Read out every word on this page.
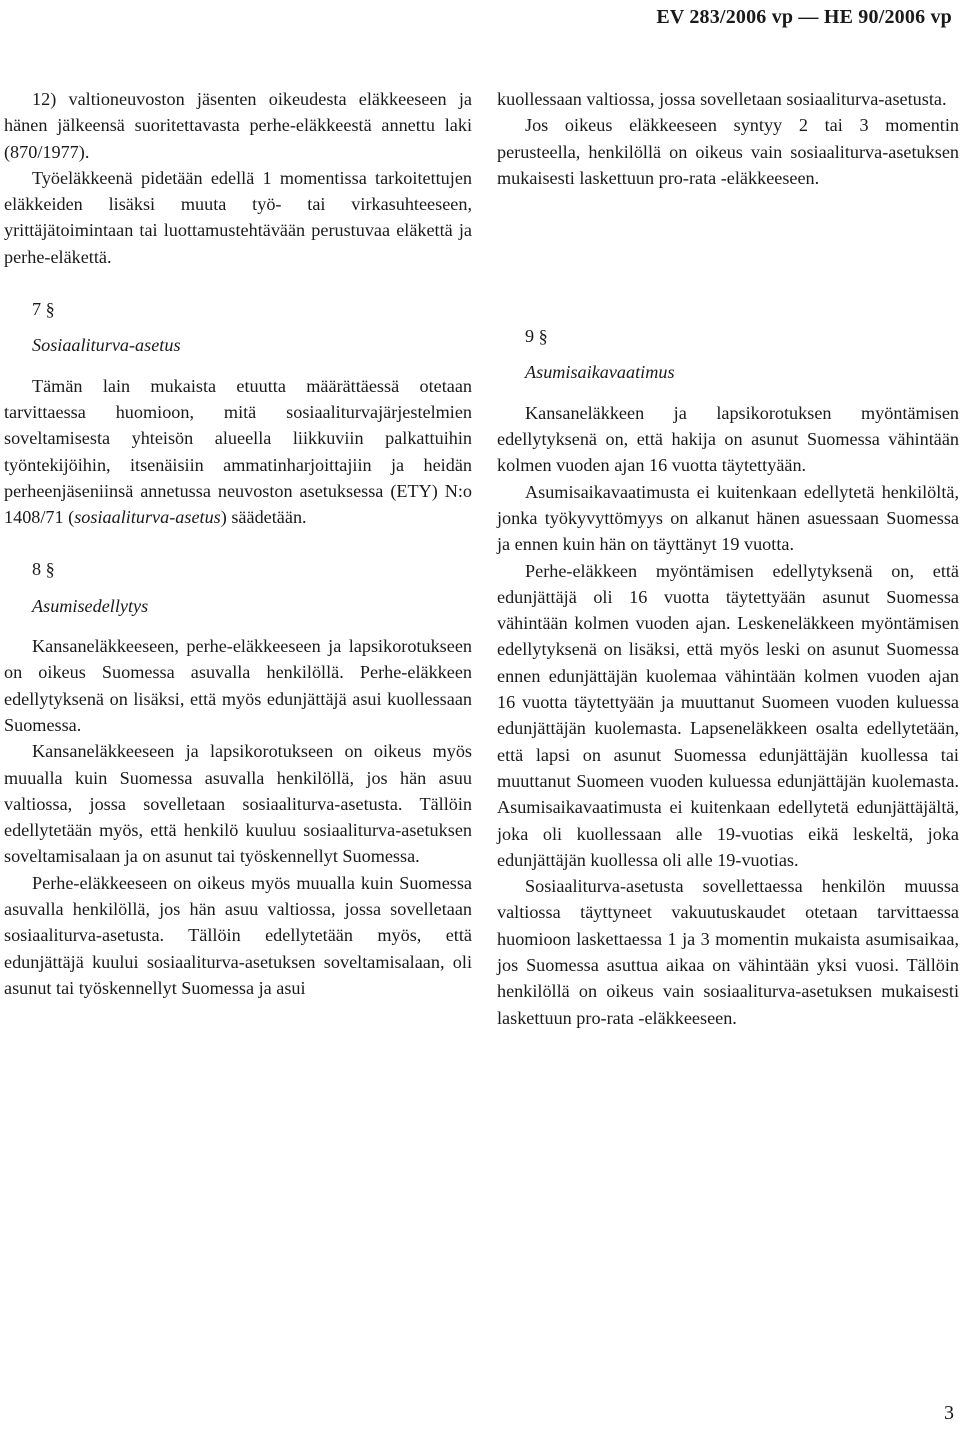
EV 283/2006 vp — HE 90/2006 vp

12) valtioneuvoston jäsenten oikeudesta eläkkeeseen ja hänen jälkeensä suoritettavasta perhe-eläkkeestä annettu laki (870/1977).

Työeläkkeenä pidetään edellä 1 momentissa tarkoitettujen eläkkeiden lisäksi muuta työ- tai virkasuhteeseen, yrittäjätoimintaan tai luottamustehtävään perustuvaa eläkettä ja perhe-eläkettä.

7 §

Sosiaaliturva-asetus

Tämän lain mukaista etuutta määrättäessä otetaan tarvittaessa huomioon, mitä sosiaaliturvajärjestelmien soveltamisesta yhteisön alueella liikkuviin palkattuihin työntekijöihin, itsenäisiin ammatinharjoittajiin ja heidän perheenjäseniinsä annetussa neuvoston asetuksessa (ETY) N:o 1408/71 (sosiaaliturva-asetus) säädetään.

8 §

Asumisedellytys

Kansaneläkkeeseen, perhe-eläkkeeseen ja lapsikorotukseen on oikeus Suomessa asuvalla henkilöllä. Perhe-eläkkeen edellytyksenä on lisäksi, että myös edunjättäjä asui kuollessaan Suomessa.

Kansaneläkkeeseen ja lapsikorotukseen on oikeus myös muualla kuin Suomessa asuvalla henkilöllä, jos hän asuu valtiossa, jossa sovelletaan sosiaaliturva-asetusta. Tällöin edellytetään myös, että henkilö kuuluu sosiaaliturva-asetuksen soveltamisalaan ja on asunut tai työskennellyt Suomessa.

Perhe-eläkkeeseen on oikeus myös muualla kuin Suomessa asuvalla henkilöllä, jos hän asuu valtiossa, jossa sovelletaan sosiaaliturva-asetusta. Tällöin edellytetään myös, että edunjättäjä kuului sosiaaliturva-asetuksen soveltamisalaan, oli asunut tai työskennellyt Suomessa ja asui

kuollessaan valtiossa, jossa sovelletaan sosiaaliturva-asetusta.

Jos oikeus eläkkeeseen syntyy 2 tai 3 momentin perusteella, henkilöllä on oikeus vain sosiaaliturva-asetuksen mukaisesti laskettuun pro-rata -eläkkeeseen.

9 §

Asumisaikavaatimus

Kansaneläkkeen ja lapsikorotuksen myöntämisen edellytyksenä on, että hakija on asunut Suomessa vähintään kolmen vuoden ajan 16 vuotta täytettyään.

Asumisaikavaatimusta ei kuitenkaan edellytetä henkilöltä, jonka työkyvyttömyys on alkanut hänen asuessaan Suomessa ja ennen kuin hän on täyttänyt 19 vuotta.

Perhe-eläkkeen myöntämisen edellytyksenä on, että edunjättäjä oli 16 vuotta täytettyään asunut Suomessa vähintään kolmen vuoden ajan. Leskeneläkkeen myöntämisen edellytyksenä on lisäksi, että myös leski on asunut Suomessa ennen edunjättäjän kuolemaa vähintään kolmen vuoden ajan 16 vuotta täytettyään ja muuttanut Suomeen vuoden kuluessa edunjättäjän kuolemasta. Lapseneläkkeen osalta edellytetään, että lapsi on asunut Suomessa edunjättäjän kuollessa tai muuttanut Suomeen vuoden kuluessa edunjättäjän kuolemasta. Asumisaikavaatimusta ei kuitenkaan edellytetä edunjättäjältä, joka oli kuollessaan alle 19-vuotias eikä leskeltä, joka edunjättäjän kuollessa oli alle 19-vuotias.

Sosiaaliturva-asetusta sovellettaessa henkilön muussa valtiossa täyttyneet vakuutuskaudet otetaan tarvittaessa huomioon laskettaessa 1 ja 3 momentin mukaista asumisaikaa, jos Suomessa asuttua aikaa on vähintään yksi vuosi. Tällöin henkilöllä on oikeus vain sosiaaliturva-asetuksen mukaisesti laskettuun pro-rata -eläkkeeseen.

3
